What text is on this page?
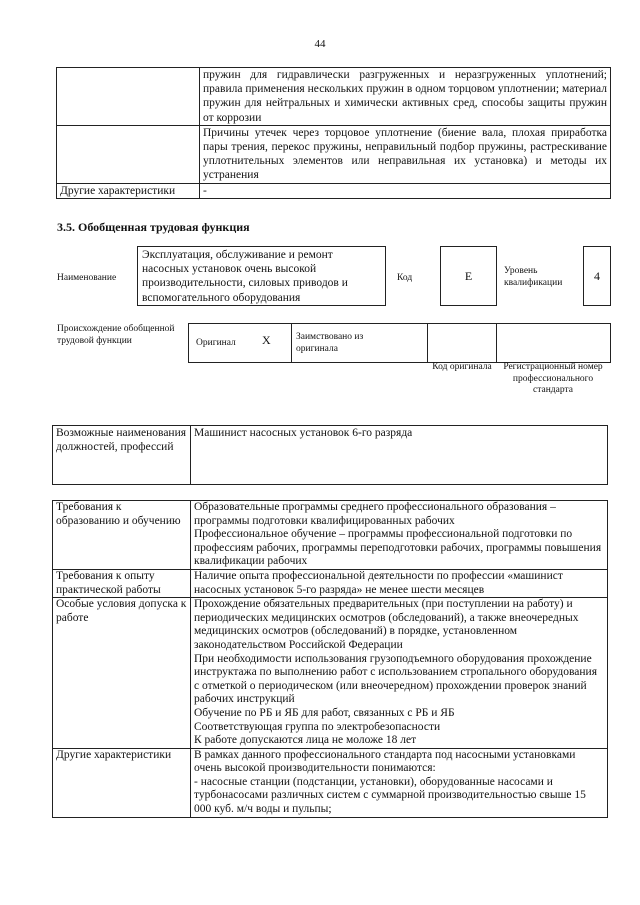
44
	пружин для гидравлически разгруженных и неразгруженных уплотнений; правила применения нескольких пружин в одном торцовом уплотнении; материал пружин для нейтральных и химически активных сред, способы защиты пружин от коррозии
	Причины утечек через торцовое уплотнение (биение вала, плохая приработка пары трения, перекос пружины, неправильный подбор пружины, растрескивание уплотнительных элементов или неправильная их установка) и методы их устранения
Другие характеристики	-
3.5. Обобщенная трудовая функция
Наименование
Эксплуатация, обслуживание и ремонт насосных установок очень высокой производительности, силовых приводов и вспомогательного оборудования
Код	E	Уровень квалификации	4
Происхождение обобщенной трудовой функции	Оригинал X	Заимствовано из оригинала
Код оригинала	Регистрационный номер профессионального стандарта
Возможные наименования должностей, профессий	Машинист насосных установок 6-го разряда
Требования к образованию и обучению	Образовательные программы среднего профессионального образования – программы подготовки квалифицированных рабочих
Профессиональное обучение – программы профессиональной подготовки по профессиям рабочих, программы переподготовки рабочих, программы повышения квалификации рабочих

Требования к опыту практической работы	Наличие опыта профессиональной деятельности по профессии «машинист насосных установок 5-го разряда» не менее шести месяцев

Особые условия допуска к работе	Прохождение обязательных предварительных (при поступлении на работу) и периодических медицинских осмотров (обследований), а также внеочередных медицинских осмотров (обследований) в порядке, установленном законодательством Российской Федерации
При необходимости использования грузоподъемного оборудования прохождение инструктажа по выполнению работ с использованием стропального оборудования с отметкой о периодическом (или внеочередном) прохождении проверок знаний рабочих инструкций
Обучение по РБ и ЯБ для работ, связанных с РБ и ЯБ
Соответствующая группа по электробезопасности
К работе допускаются лица не моложе 18 лет

Другие характеристики	В рамках данного профессионального стандарта под насосными установками очень высокой производительности понимаются:
- насосные станции (подстанции, установки), оборудованные насосами и турбонасосами различных систем с суммарной производительностью свыше 15 000 куб. м/ч воды и пульпы;
